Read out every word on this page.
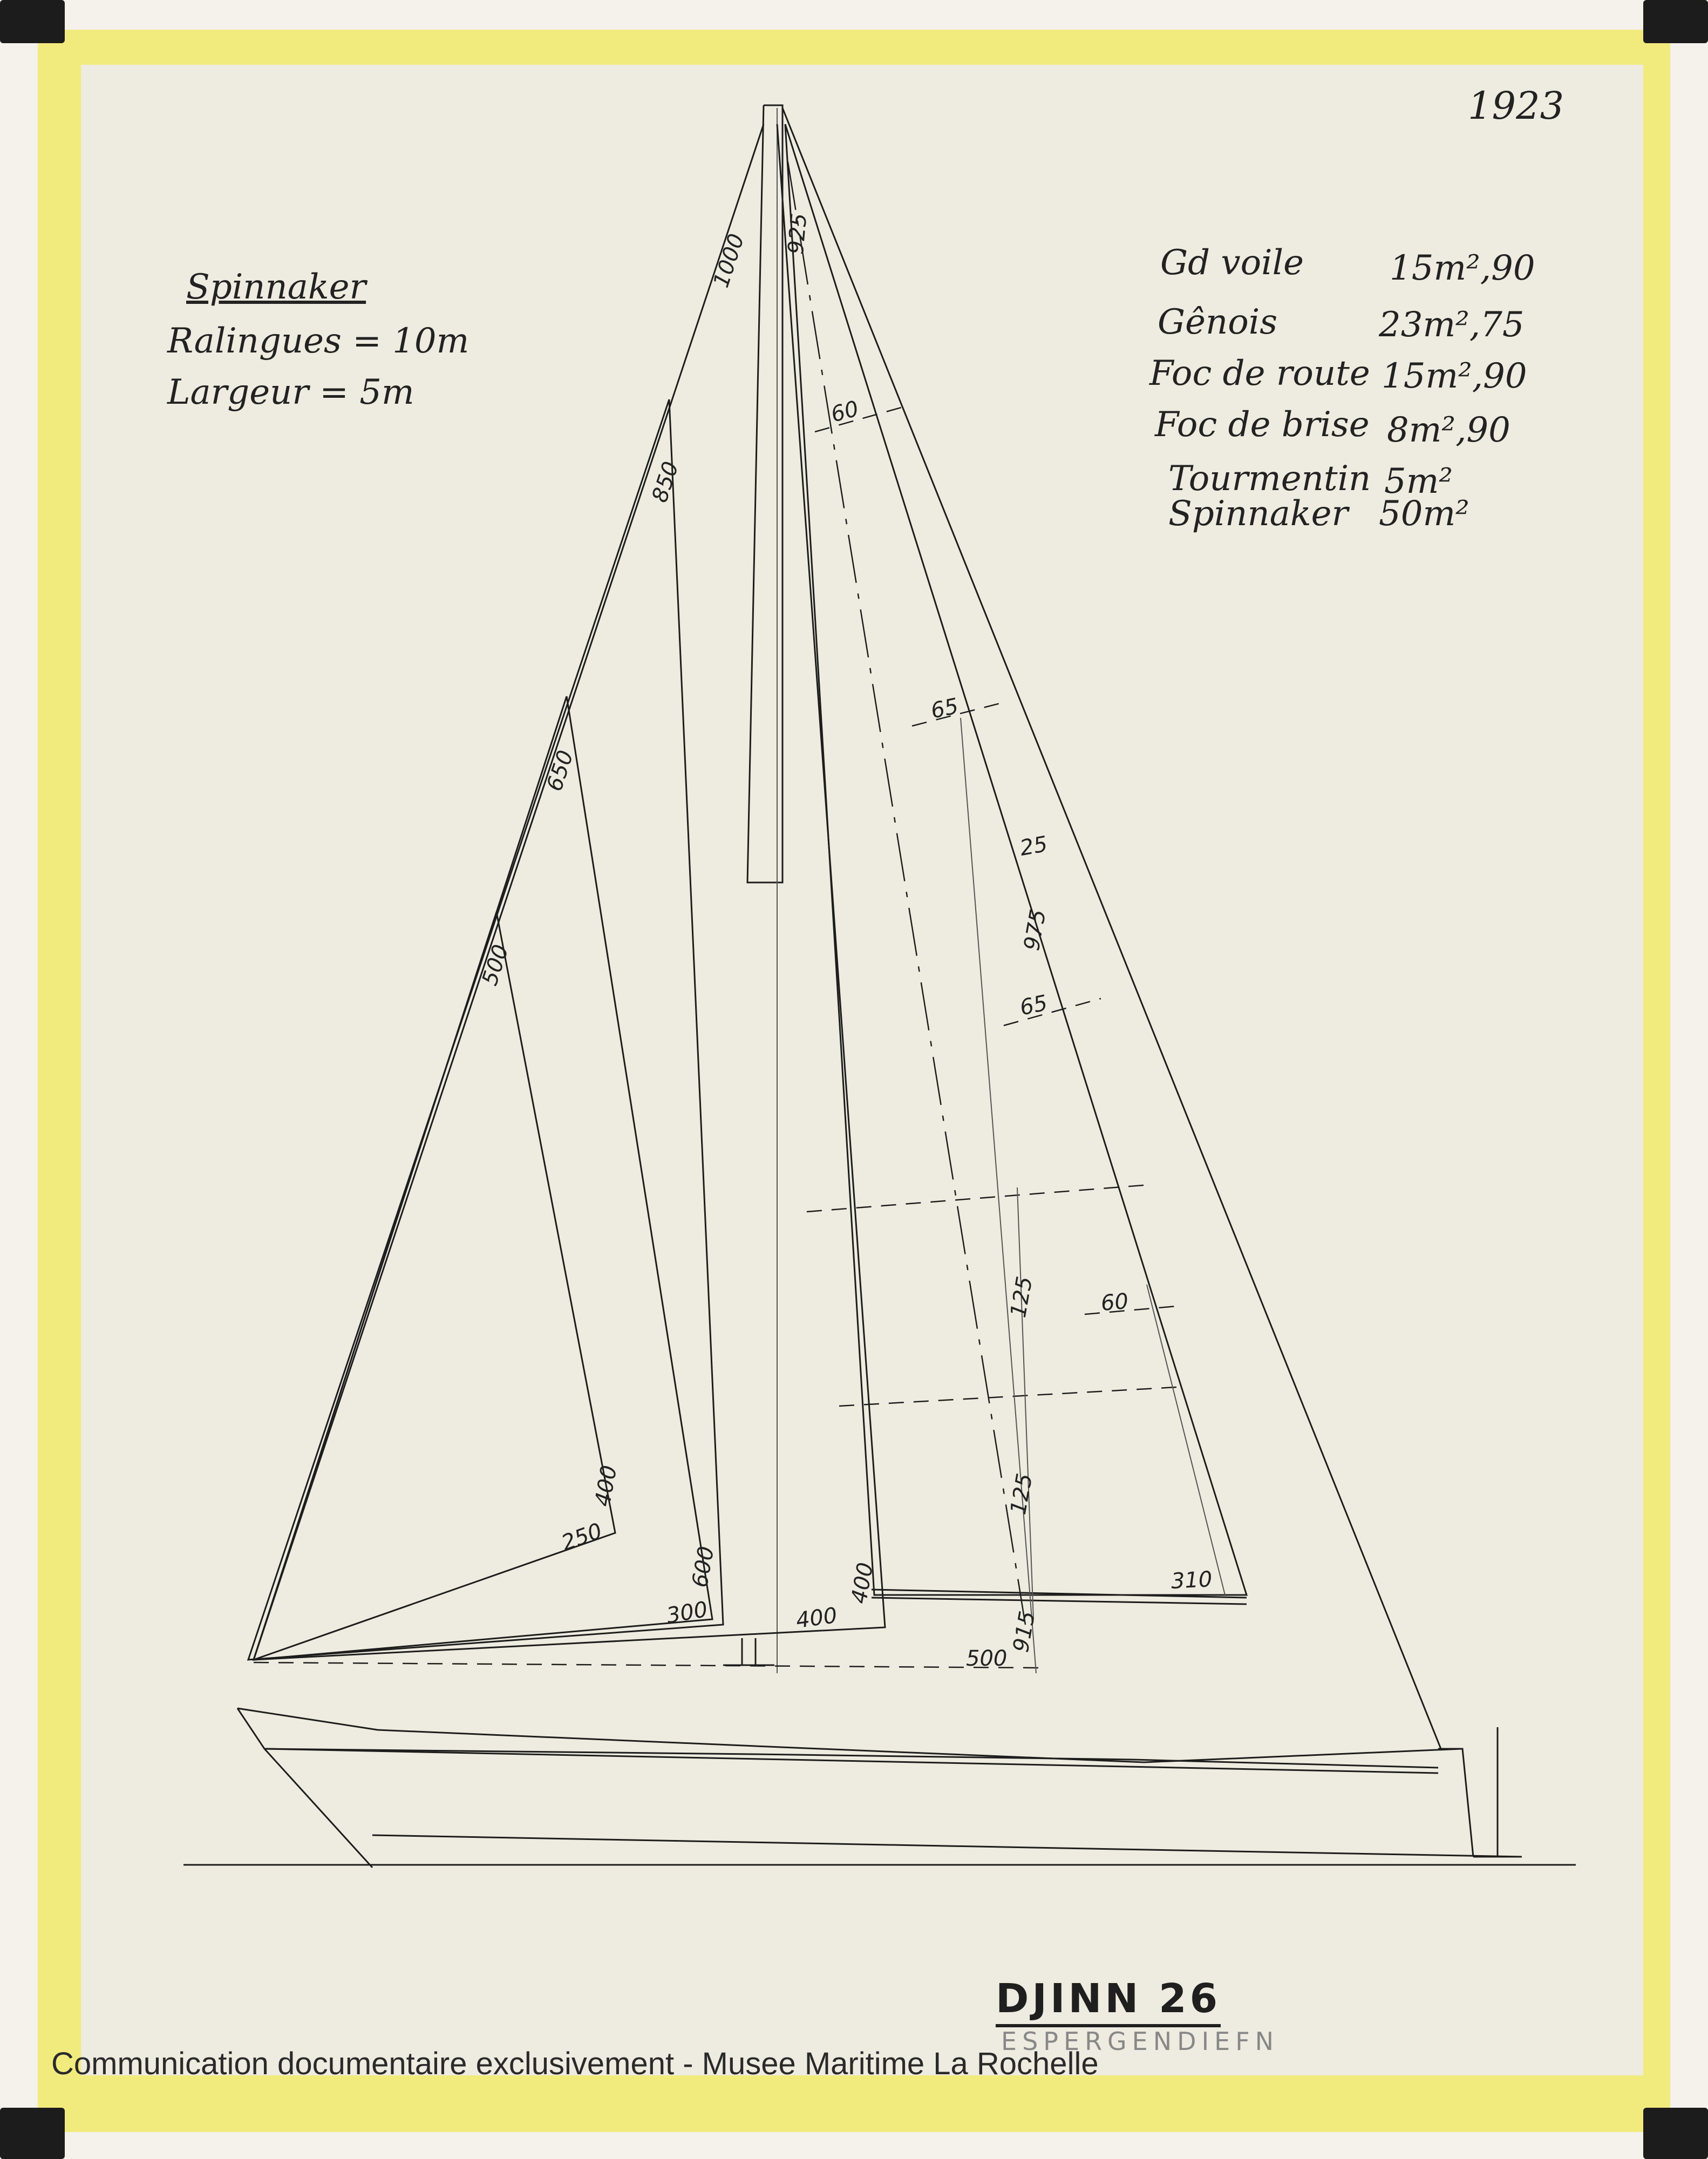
1923
Spinnaker
Ralingues = 10m
Largeur = 5m
Gd voile 15m²,90
Gênois	23m²,75
Foc de route 15m²,90
Foc de brise 8m²,90
Tourmentin 5m²
Spinnaker 50m²
1000 925
850
650
500
400
250
600
300	400
400
500
915
60
65
25
975
65
125
125
60
310
DJINN 26
ESPERGENDIEFN
Communication documentaire exclusivement - Musee Maritime La Rochelle
